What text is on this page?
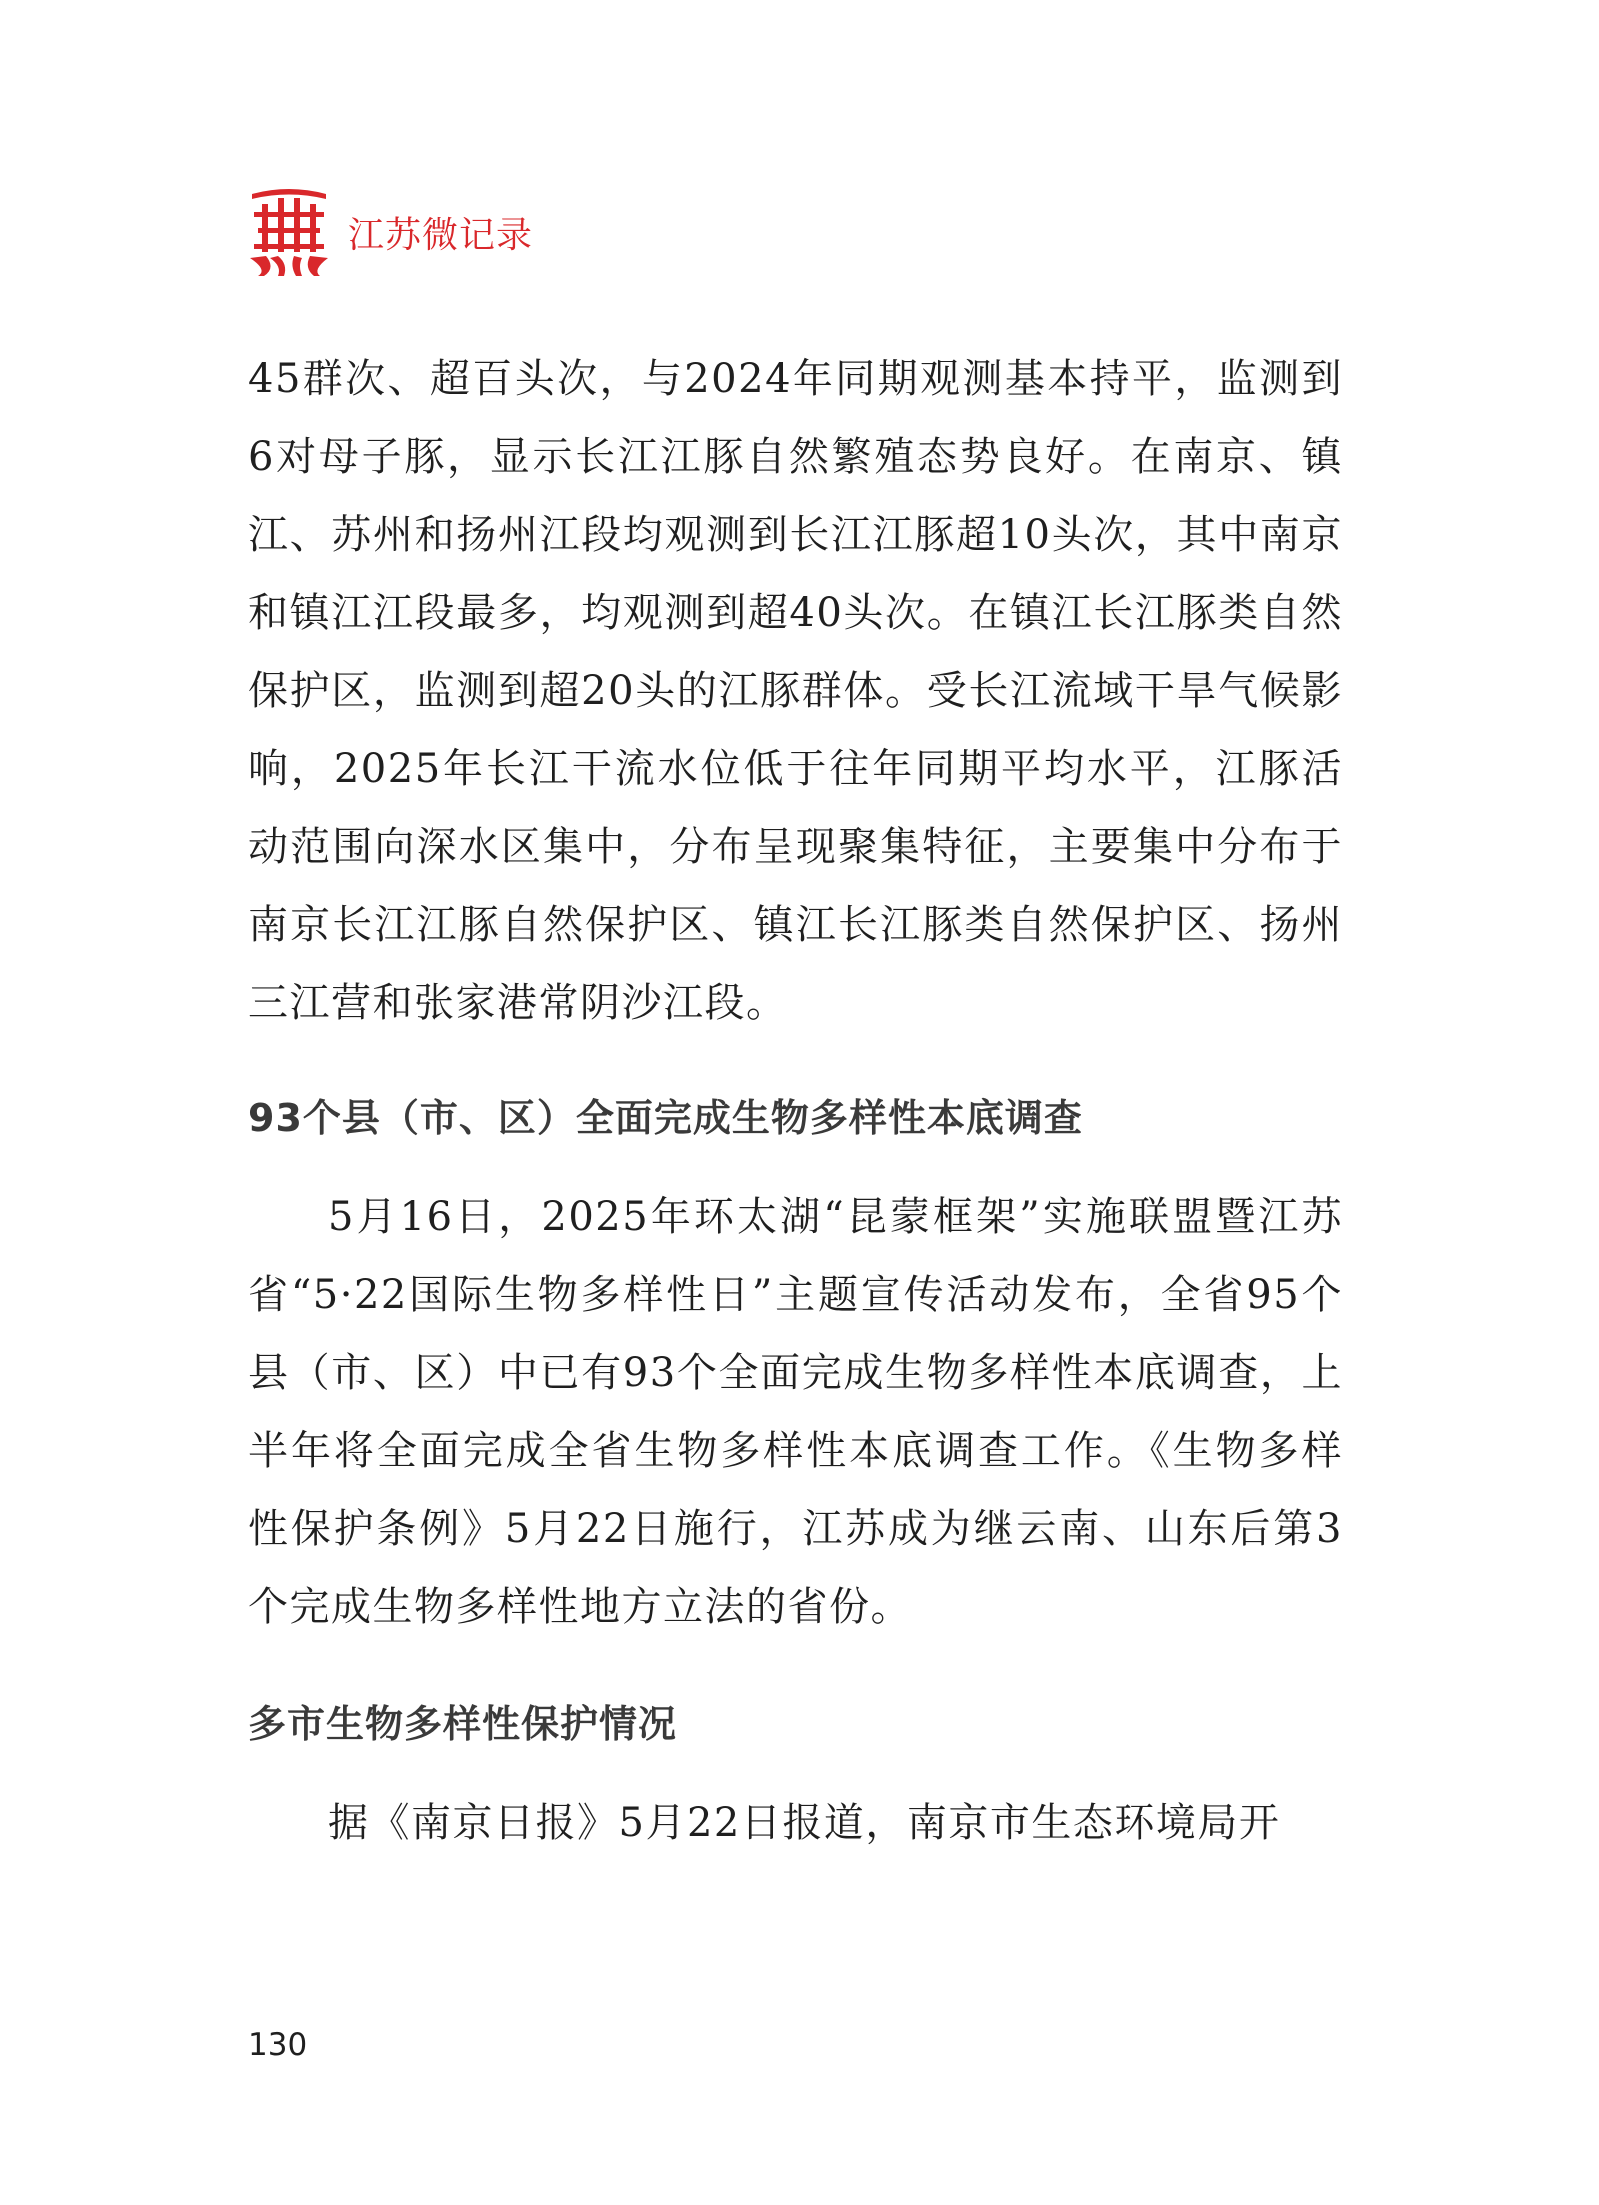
江苏微记录

45群次、超百头次，与2024年同期观测基本持平，监测到6对母子豚，显示长江江豚自然繁殖态势良好。在南京、镇江、苏州和扬州江段均观测到长江江豚超10头次，其中南京和镇江江段最多，均观测到超40头次。在镇江长江豚类自然保护区，监测到超20头的江豚群体。受长江流域干旱气候影响，2025年长江干流水位低于往年同期平均水平，江豚活动范围向深水区集中，分布呈现聚集特征，主要集中分布于南京长江江豚自然保护区、镇江长江豚类自然保护区、扬州三江营和张家港常阴沙江段。

93个县（市、区）全面完成生物多样性本底调查

5月16日，2025年环太湖“昆蒙框架”实施联盟暨江苏省“5·22国际生物多样性日”主题宣传活动发布，全省95个县（市、区）中已有93个全面完成生物多样性本底调查，上半年将全面完成全省生物多样性本底调查工作。《生物多样性保护条例》5月22日施行，江苏成为继云南、山东后第3个完成生物多样性地方立法的省份。

多市生物多样性保护情况

据《南京日报》5月22日报道，南京市生态环境局开

130
